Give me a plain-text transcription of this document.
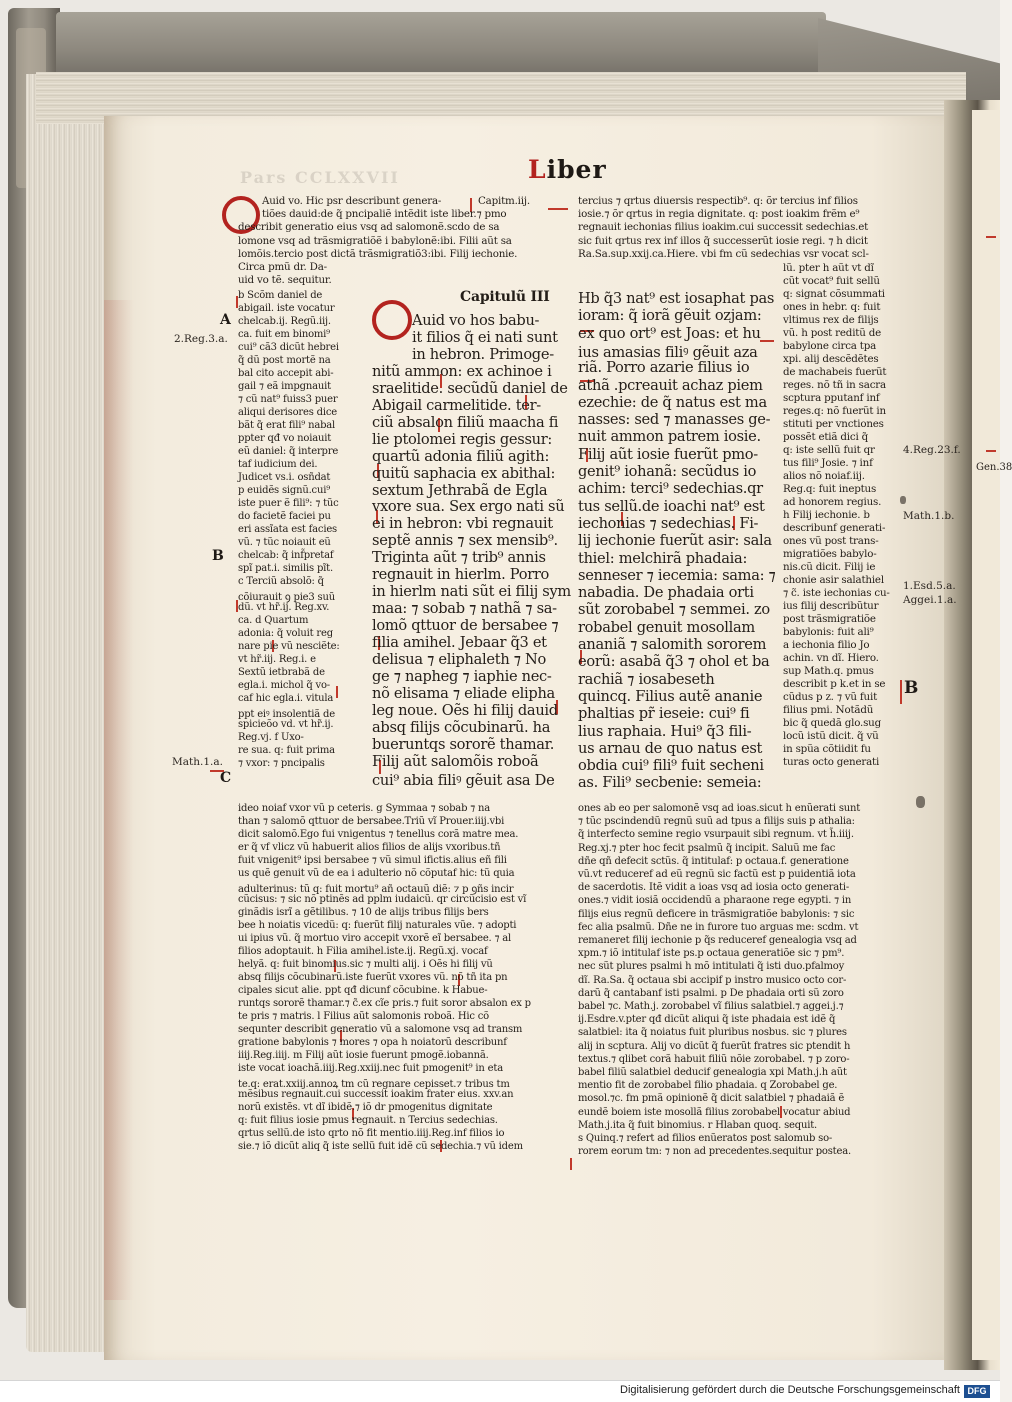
Pars CCLXXVII	Liber
Gen.38
A
B
C
B
2.Reg.3.a.
Math.1.a.
4.Reg.23.f.
Math.1.b.
1.Esd.5.a.
Aggei.1.a.
Capitm.iij.
Capitulũ III
Auid vo. Hic psr describunt genera-
tiões dauid:de q̃ pncipaliẽ intẽdit iste liber.⁊ pmo
describit generatio eius vsq ad salomonẽ.scdo de sa
lomone vsq ad trãsmigratiõẽ i babylonẽ:ibi. Filii aũt sa
lomõis.tercio post dictã trãsmigratiõ3:ibi. Filij iechonie.
Circa pmũ dr. Da-
uid vo tẽ. sequitur.
tercius ⁊ qrtus diuersis respectib⁹. q: õr tercius inf filios
iosie.⁊ õr qrtus in regia dignitate. q: post ioakim frẽm e⁹
regnauit iechonias filius ioakim.cui successit sedechias.et
sic fuit qrtus rex inf illos q̃ successerũt iosie regi. ⁊ h dicit
Ra.Sa.sup.xxij.ca.Hiere. vbi fm cũ sedechias vsr vocat scl-
lũ. pter h aũt vt dĩ
cũt vocat⁹ fuit sellũ
q: signat cõsummati
ones in hebr. q: fuit
vltimus rex de filijs
vũ. h post reditũ de
babylone circa tpa
xpi. alij descẽdẽtes
de machabeis fuerũt
reges. nõ tñ in sacra
scptura pputanf inf
reges.q: nõ fuerũt in
stituti per vnctiones
possẽt etiã dici q̃
q: iste sellũ fuit qr
tus fili⁹ Josie. ⁊ inf
alios nõ noiaf.iij.
Reg.q: fuit ineptus
ad honorem regius.
h Filij iechonie. b
describunf generati-
ones vũ post trans-
migratiões babylo-
nis.cũ dicit. Filij ie
chonie asir salathiel
⁊ c̃. iste iechonias cu-
ius filij describũtur
post trãsmigratiõe
babylonis: fuit ali⁹
a iechonia filio Jo
achin. vn dĩ. Hiero.
sup Math.q. pmus
describit p k.et in se
cũdus p z. ⁊ vũ fuit
filius pmi. Notãdũ
bic q̃ quedã glo.sug
locũ istũ dicit. q̃ vũ
in spũa cõtiidit fu
turas octo generati
Auid vo hos babu-
it filios q̃ ei nati sunt
in hebron. Primoge-
nitũ ammon: ex achinoe i
sraelitide. secũdũ daniel de
Abigail carmelitide. ter-
ciũ absalon filiũ maacha fi
lie ptolomei regis gessur:
quartũ adonia filiũ agith:
quitũ saphacia ex abithal:
sextum Jethrabã de Egla
vxore sua. Sex ergo nati sũ
ei in hebron: vbi regnauit
septẽ annis ⁊ sex mensib⁹.
Triginta aũt ⁊ trib⁹ annis
regnauit in hierlm. Porro
in hierlm nati sũt ei filij sym
maa: ⁊ sobab ⁊ nathã ⁊ sa-
lomõ qttuor de bersabee ⁊
filia amihel. Jebaar q̃3 et
delisua ⁊ eliphaleth ⁊ No
ge ⁊ napheg ⁊ iaphie nec-
nõ elisama ⁊ eliade elipha
leg noue. Oẽs hi filij dauid
absq filijs cõcubinarũ. ha
bueruntqs sororẽ thamar.
Filij aũt salomõis roboã
cui⁹ abia filiꝰ gẽuit asa De
Hb q̃3 nat⁹ est iosaphat pas
ioram: q̃ iorã gẽuit ozjam:
ex quo ort⁹ est Joas: et hu
ius amasias filiꝰ gẽuit aza
riã. Porro azarie filius io
athã .pcreauit achaz piem
ezechie: de q̃ natus est ma
nasses: sed ⁊ manasses ge-
nuit ammon patrem iosie.
Filij aũt iosie fuerũt pmo-
genit⁹ iohanã: secũdus io
achim: terci⁹ sedechias.qr
tus sellũ.de ioachi nat⁹ est
iechonias ⁊ sedechias. Fi-
lij iechonie fuerũt asir: sala
thiel: melchirã phadaia:
senneser ⁊ iecemia: sama: ⁊
nabadia. De phadaia orti
sũt zorobabel ⁊ semmei. zo
robabel genuit mosollam
ananiã ⁊ salomith sororem
eorũ: asabã q̃3 ⁊ ohol et ba
rachiã ⁊ iosabeseth
quincq. Filius autẽ ananie
phaltias pr̃ ieseie: cui⁹ fi
lius raphaia. Hui⁹ q̃3 fili-
us arnau de quo natus est
obdia cui⁹ fili⁹ fuit secheni
as. Fili⁹ secbenie: semeia:
b Scõm daniel de
abigail. iste vocatur
chelcab.ij. Regũ.iij.
ca. fuit em binomi⁹
cui⁹ cã3 dicũt hebrei
q̃ dũ post mortẽ na
bal cito accepit abi-
gail ⁊ eã impgnauit
⁊ cũ nat⁹ fuiss3 puer
aliqui derisores dice
bãt q̃ erat fili⁹ nabal
ppter qđ vo noiauit
eũ daniel: q̃ interpre
taf iudicium dei.
Judicet vs.i. osñdat
p euidẽs signũ.cui⁹
iste puer ẽ fili⁹: ⁊ tũc
do facietẽ faciei pu
eri assĩata est facies
vũ. ⁊ tũc noiauit eũ
chelcab: q̃ inf̃pretaf
spĩ pat.i. similis pĩt.
c Terciũ absolõ: q̃
cõiurauit ꝯ pie3 suũ
dũ. vt hr̃.ij. Reg.xv.
ca. d Quartum
adonia: q̃ voluit reg
nare pie vũ nesciẽte:
vt hr̃.iij. Reg.i. e
Sextũ ietbrabã de
egla.i. michol q̃ vo-
caf hic egla.i. vitula
ppt eiꝰ insolentiã de
spicieõo vd. vt hr̃.ij.
Reg.vj. f Uxo-
re sua. q: fuit prima
⁊ vxor: ⁊ pncipalis
ideo noiaf vxor vũ p ceteris. g Symmaa ⁊ sobab ⁊ na
than ⁊ salomõ qttuor de bersabee.Triũ vĩ Prouer.iiij.vbi
dicit salomõ.Ego fui vnigentus ⁊ tenellus corã matre mea.
er q̃ vf vlicz vũ habuerit alios filios de alijs vxoribus.tñ
fuit vnigenit⁹ ipsi bersabee ⁊ vũ simul ifictis.alius eñ fili
us quẽ genuit vũ de ea i adulterio nõ cõputaf hic: tũ quia
adulterinus: tũ q: fuit mortu⁹ añ octauũ diẽ: ⁊ p ꝯñs incir
cũcisus: ⁊ sic nõ ptinẽs ad pplm iudaicũ. qr circũcisio est vĩ
ginãdis isrĩ a gẽtilibus. ⁊ 10 de alijs tribus filijs bers
bee h noiatis vicedũ: q: fuerũt filij naturales vũe. ⁊ adopti
ui ipius vũ. q̃ mortuo viro accepit vxorẽ eĩ bersabee. ⁊ al
filios adoptauit. h Filia amihel.iste.ij. Regũ.xj. vocaf
helyã. q: fuit binomius.sic ⁊ multi alij. i Oẽs hi filij vũ
absq filijs cõcubinarũ.iste fuerũt vxores vũ. nõ tñ ita pn
cipales sicut alie. ppt qđ dicunf cõcubine. k Habue-
runtqs sororẽ thamar.⁊ c̃.ex cĩe pris.⁊ fuit soror absalon ex p
te pris ⁊ matris. l Filius aũt salomonis roboã. Hic cõ
sequnter describit generatio vũ a salomone vsq ad transm
gratione babylonis ⁊ mores ⁊ opa h noiatorũ describunf
iiij.Reg.iiij. m Filij aũt iosie fuerunt pmogẽ.iobannã.
iste vocat ioachã.iiij.Reg.xxiij.nec fuit pmogenit⁹ in eta
te.q: erat.xxiij.annoꝝ tm cũ regnare cepisset.⁊ tribus tm
mẽsibus regnauit.cui successit ioakim frater eius. xxv.an
norũ existẽs. vt dĩ ibidẽ.⁊ iõ dr pmogenitus dignitate
q: fuit filius iosie pmus regnauit. n Tercius sedechias.
qrtus sellũ.de isto qrto nõ fit mentio.iiij.Reg.inf filios io
sie.⁊ iõ dicũt aliq q̃ iste sellũ fuit idẽ cũ sedechia.⁊ vũ idem
ones ab eo per salomonẽ vsq ad ioas.sicut h enũerati sunt
⁊ tũc pscindendũ regnũ suũ ad tpus a filijs suis p athalia:
q̃ interfecto semine regio vsurpauit sibi regnum. vt h̃.iiij.
Reg.xj.⁊ pter hoc fecit psalmũ q̃ incipit. Saluũ me fac
dñe qñ defecit sctũs. q̃ intitulaf: p octaua.f. generatione
vũ.vt reduceref ad eũ regnũ sic factũ est p puidentiã iota
de sacerdotis. Itẽ vidit a ioas vsq ad iosia octo generati-
ones.⁊ vidit iosiã occidendũ a pharaone rege egypti. ⁊ in
filijs eius regnũ deficere in trãsmigratiõe babylonis: ⁊ sic
fec alia psalmũ. Dñe ne in furore tuo arguas me: scdm. vt
remaneret filij iechonie p q̃s reduceref genealogia vsq ad
xpm.⁊ iõ intitulaf iste ps.p octaua generatiõe sic ⁊ pm⁹.
nec sũt plures psalmi h mõ intitulati q̃ isti duo.pfalmoy
dĩ. Ra.Sa. q̃ octaua sbi accipif p instro musico octo cor-
darũ q̃ cantabanf isti psalmi. p De phadaia orti sũ zoro
babel ⁊c. Math.j. zorobabel vĩ filius salatbiel.⁊ aggei.j.⁊
ij.Esdre.v.pter qđ dicũt aliqui q̃ iste phadaia est idẽ q̃
salatbiel: ita q̃ noiatus fuit pluribus nosbus. sic ⁊ plures
alij in scptura. Alij vo dicũt q̃ fuerũt fratres sic ptendit h
textus.⁊ qlibet corã habuit filiũ nõie zorobabel. ⁊ p zoro-
babel filiũ salatbiel deducif genealogia xpi Math.j.h aũt
mentio fit de zorobabel filio phadaia. q Zorobabel ge.
mosol.⁊c. fm pmã opinionẽ q̃ dicit salatbiel ⁊ phadaiã ẽ
eundẽ boiem iste mosollã filius zorobabel vocatur abiud
Math.j.ita q̃ fuit binomius. r Hlaban quoq. sequit.
s Quinq.⁊ refert ad filios enũeratos post salomub so-
rorem eorum tm: ⁊ non ad precedentes.sequitur postea.
Digitalisierung gefördert durch die Deutsche Forschungsgemeinschaft DFG
